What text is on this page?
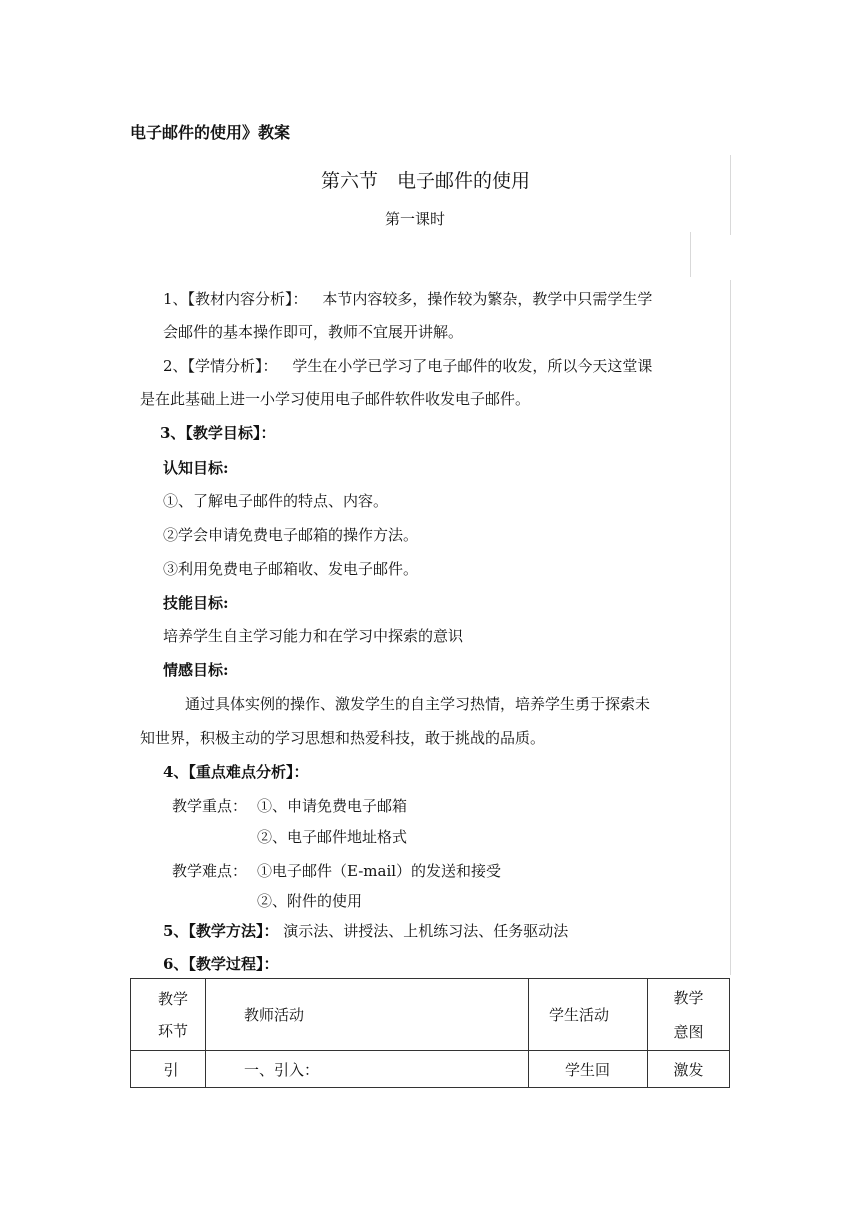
电子邮件的使用》教案
第六节　电子邮件的使用
第一课时
1、【教材内容分析】： 本节内容较多，操作较为繁杂，教学中只需学生学
会邮件的基本操作即可，教师不宜展开讲解。
2、【学情分析】： 学生在小学已学习了电子邮件的收发，所以今天这堂课
是在此基础上进一小学习使用电子邮件软件收发电子邮件。
3、【教学目标】：
认知目标:
①、了解电子邮件的特点、内容。
②学会申请免费电子邮箱的操作方法。
③利用免费电子邮箱收、发电子邮件。
技能目标:
培养学生自主学习能力和在学习中探索的意识
情感目标:
通过具体实例的操作、激发学生的自主学习热情，培养学生勇于探索未
知世界，积极主动的学习思想和热爱科技，敢于挑战的品质。
4、【重点难点分析】：
教学重点： ①、申请免费电子邮箱
②、电子邮件地址格式
教学难点： ①电子邮件（E-mail）的发送和接受
②、附件的使用
5、【教学方法】： 演示法、讲授法、上机练习法、任务驱动法
6、【教学过程】：
教学
环节	教师活动	学生活动	教学
意图

引	一、引入：	学生回	激发
